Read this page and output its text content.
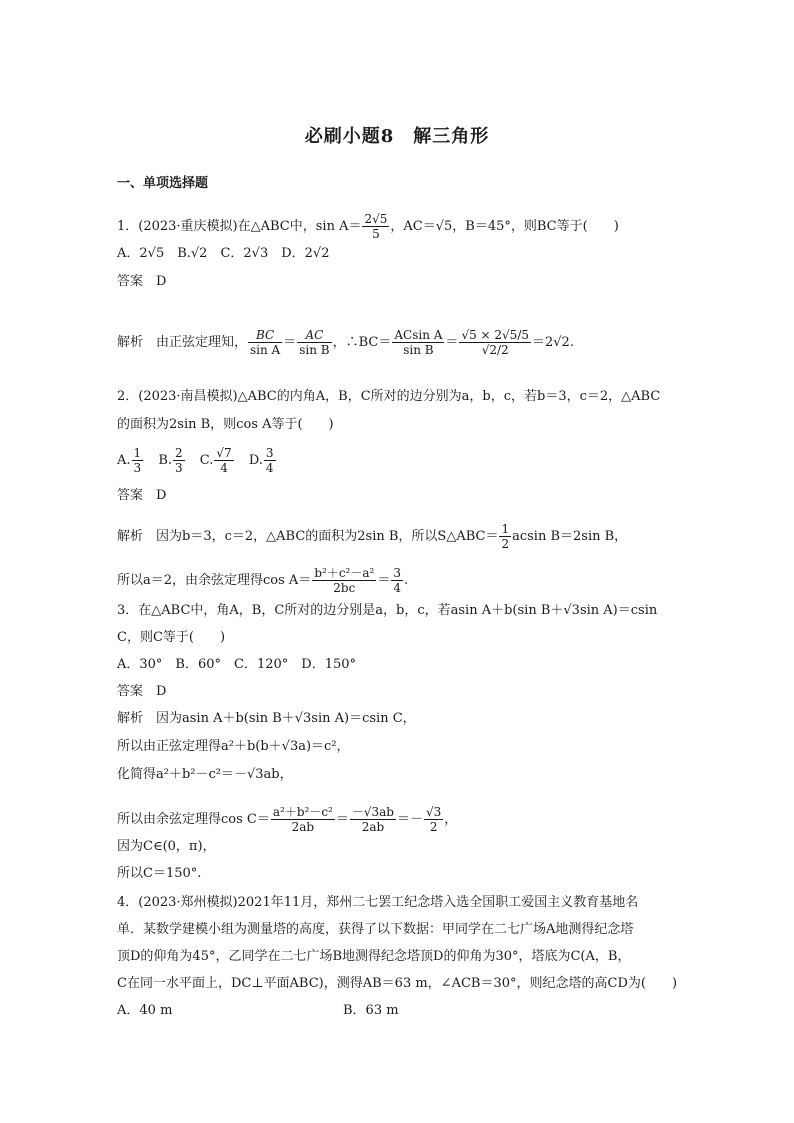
必刷小题8　解三角形
一、单项选择题
1．(2023·重庆模拟)在△ABC中，$\sin A= \frac{2√5}{5}$ ，AC＝√5，B＝45°，则BC等于(　　)
A．2√5　B.√2　C．2√3　D．2√2
答案　D
解析　由正弦定理知， $\frac{BC}{\text{sin A}} = \frac{AC}{\text{sin B}}$ ，∴BC＝ $\frac{\text{ACsin A}}{\text{sin B}} = \frac{√5 \times 2√5/5}{√2/2} =2√2$.
2．(2023·南昌模拟)△ABC的内角A，B，C所对的边分别为a，b，c，若b＝3，c＝2，△ABC
的面积为2sin B，则cos A等于(　　)
A. $\frac{1}{3} B$. $\frac{2}{3} C$. $\frac{√7}{4} D$. $\frac{3}{4}$
答案　D
解析　因为b＝3，c＝2，△ABC的面积为2sin B，所以S△ABC＝ $\frac{1}{2}$ acsin B＝2sin B，
所以a＝2，由余弦定理得$\cos A= \frac{\text{b²＋c²－a²}}{2bc} = \frac{3}{4}$ .
3．在△ABC中，角A，B，C所对的边分别是a，b，c，若asin A＋b(sin B＋√3sin A)＝csin
C，则C等于(　　)
A．30°　B．60°　C．120°　D．150°
答案　D
解析　因为asin A＋b(sin B＋√3sin A)＝csin C，
所以由正弦定理得a²＋b(b＋√3a)＝c²，
化简得a²＋b²－c²＝－√3ab，
所以由余弦定理得$\cos C= \frac{\text{a²＋b²－c²}}{2ab} = \frac{-√3ab}{2ab} =- \frac{√3}{2}$ ，
因为C∈(0，π)，
所以C＝150°.
4．(2023·郑州模拟)2021年11月，郑州二七罢工纪念塔入选全国职工爱国主义教育基地名
单．某数学建模小组为测量塔的高度，获得了以下数据：甲同学在二七广场A地测得纪念塔
顶D的仰角为45°，乙同学在二七广场B地测得纪念塔顶D的仰角为30°，塔底为C(A，B，
C在同一水平面上，DC⊥平面ABC)，测得AB＝63 m，∠ACB＝30°，则纪念塔的高CD为(　　)
A．40 m	B．63 m
